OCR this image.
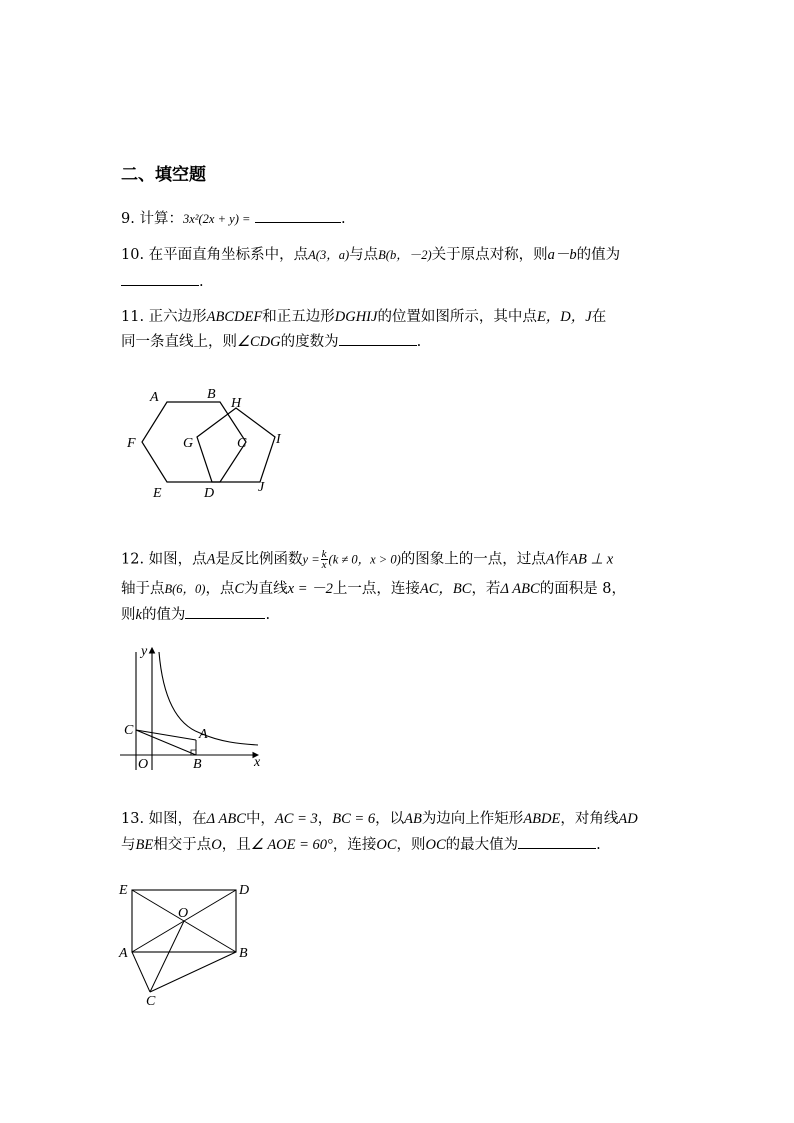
二、填空题
9. 计算：3x²(2x + y) =	.
10. 在平面直角坐标系中，点A(3，a)与点B(b，－2)关于原点对称，则a－b的值为
.
11. 正六边形ABCDEF和正五边形DGHIJ的位置如图所示，其中点E，D，J在
同一条直线上，则∠CDG的度数为	.
A	B
H
F	G	C I
E	D	J
12. 如图，点A是反比例函数$y = \frac{k}{x} (k \ne 0$，x > 0)的图象上的一点，过点A作AB ⊥ x
轴于点B(6，0)，点C为直线x = －2上一点，连接AC，BC，若Δ ABC的面积是 8，
则k的值为	.
y
C	A
O	B	x
13. 如图，在Δ ABC中，AC = 3，BC = 6，以AB为边向上作矩形ABDE，对角线AD
与BE相交于点O，且∠ AOE = 60°，连接OC，则OC的最大值为	.
E	D
O
A	B
C
